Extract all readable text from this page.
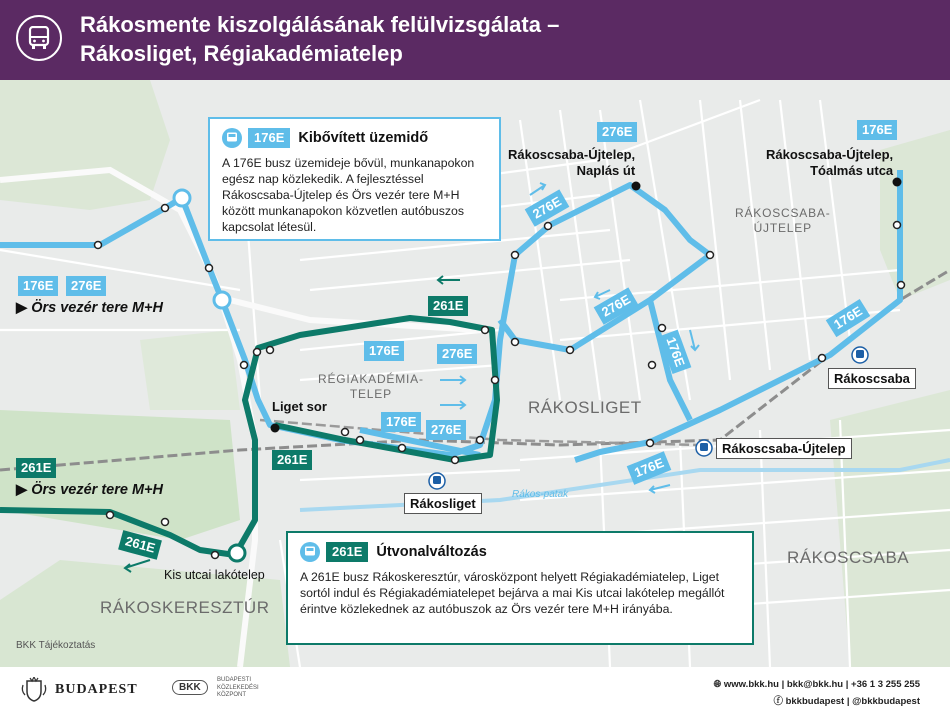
Rákosmente kiszolgálásának felülvizsgálata –
Rákosliget, Régiakadémiatelep
RÁKOSCSABA-
ÚJTELEP
RÉGIAKADÉMIA-
TELEP
RÁKOSLIGET
RÁKOSCSABA
RÁKOSKERESZTÚR
Rákoscsaba-Újtelep,
Naplás út
Rákoscsaba-Újtelep,
Tóalmás utca
Liget sor
Kis utcai lakótelep
Rákoscsaba
Rákoscsaba-Újtelep
Rákosliget
Rákos-patak
176E	276E
▶ Örs vezér tere M+H
261E
▶ Örs vezér tere M+H
276E	176E
276E
276E
176E
176E
176E
176E	276E
176E
276E
261E
261E
261E
176E Kibővített üzemidő
A 176E busz üzemideje bővül, munkanapokon egész nap közlekedik. A fejlesztéssel Rákoscsaba-Újtelep és Örs vezér tere M+H között munkanapokon közvetlen autóbuszos kapcsolat létesül.
261E Útvonalváltozás
A 261E busz Rákoskeresztúr, városközpont helyett Régiakadémiatelep, Liget sortól indul és Régiakadémiatelepet bejárva a mai Kis utcai lakótelep megállót érintve közlekednek az autóbuszok az Örs vezér tere M+H irányába.
BKK Tájékoztatás
BUDAPEST	BKK
BUDAPESTI
KÖZLEKEDÉSI
KÖZPONT
🌐︎ www.bkk.hu | bkk@bkk.hu | +36 1 3 255 255
ⓕ bkkbudapest | @bkkbudapest
